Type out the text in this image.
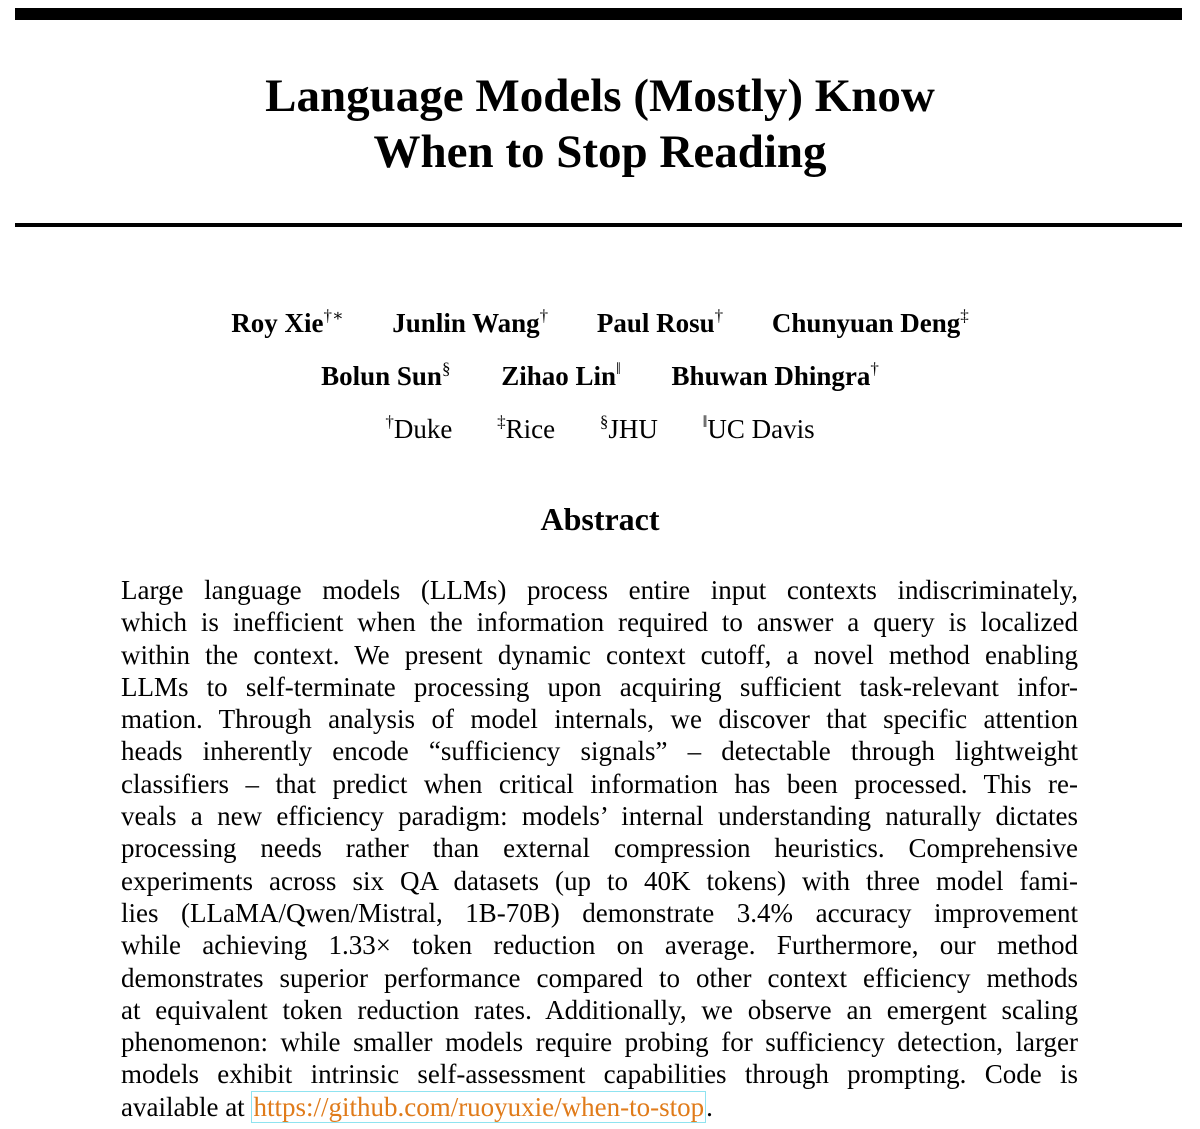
Language Models (Mostly) Know
When to Stop Reading
Roy Xie†∗ Junlin Wang† Paul Rosu† Chunyuan Deng‡
Bolun Sun§ Zihao Lin‖ Bhuwan Dhingra†
†Duke	‡Rice	§JHU	‖UC Davis
Abstract
Large language models (LLMs) process entire input contexts indiscriminately,
which is inefficient when the information required to answer a query is localized
within the context. We present dynamic context cutoff, a novel method enabling
LLMs to self-terminate processing upon acquiring sufficient task-relevant infor-
mation. Through analysis of model internals, we discover that specific attention
heads inherently encode “sufficiency signals” – detectable through lightweight
classifiers – that predict when critical information has been processed. This re-
veals a new efficiency paradigm: models’ internal understanding naturally dictates
processing needs rather than external compression heuristics. Comprehensive
experiments across six QA datasets (up to 40K tokens) with three model fami-
lies (LLaMA/Qwen/Mistral, 1B-70B) demonstrate 3.4% accuracy improvement
while achieving 1.33× token reduction on average. Furthermore, our method
demonstrates superior performance compared to other context efficiency methods
at equivalent token reduction rates. Additionally, we observe an emergent scaling
phenomenon: while smaller models require probing for sufficiency detection, larger
models exhibit intrinsic self-assessment capabilities through prompting. Code is
available at https://github.com/ruoyuxie/when-to-stop.
